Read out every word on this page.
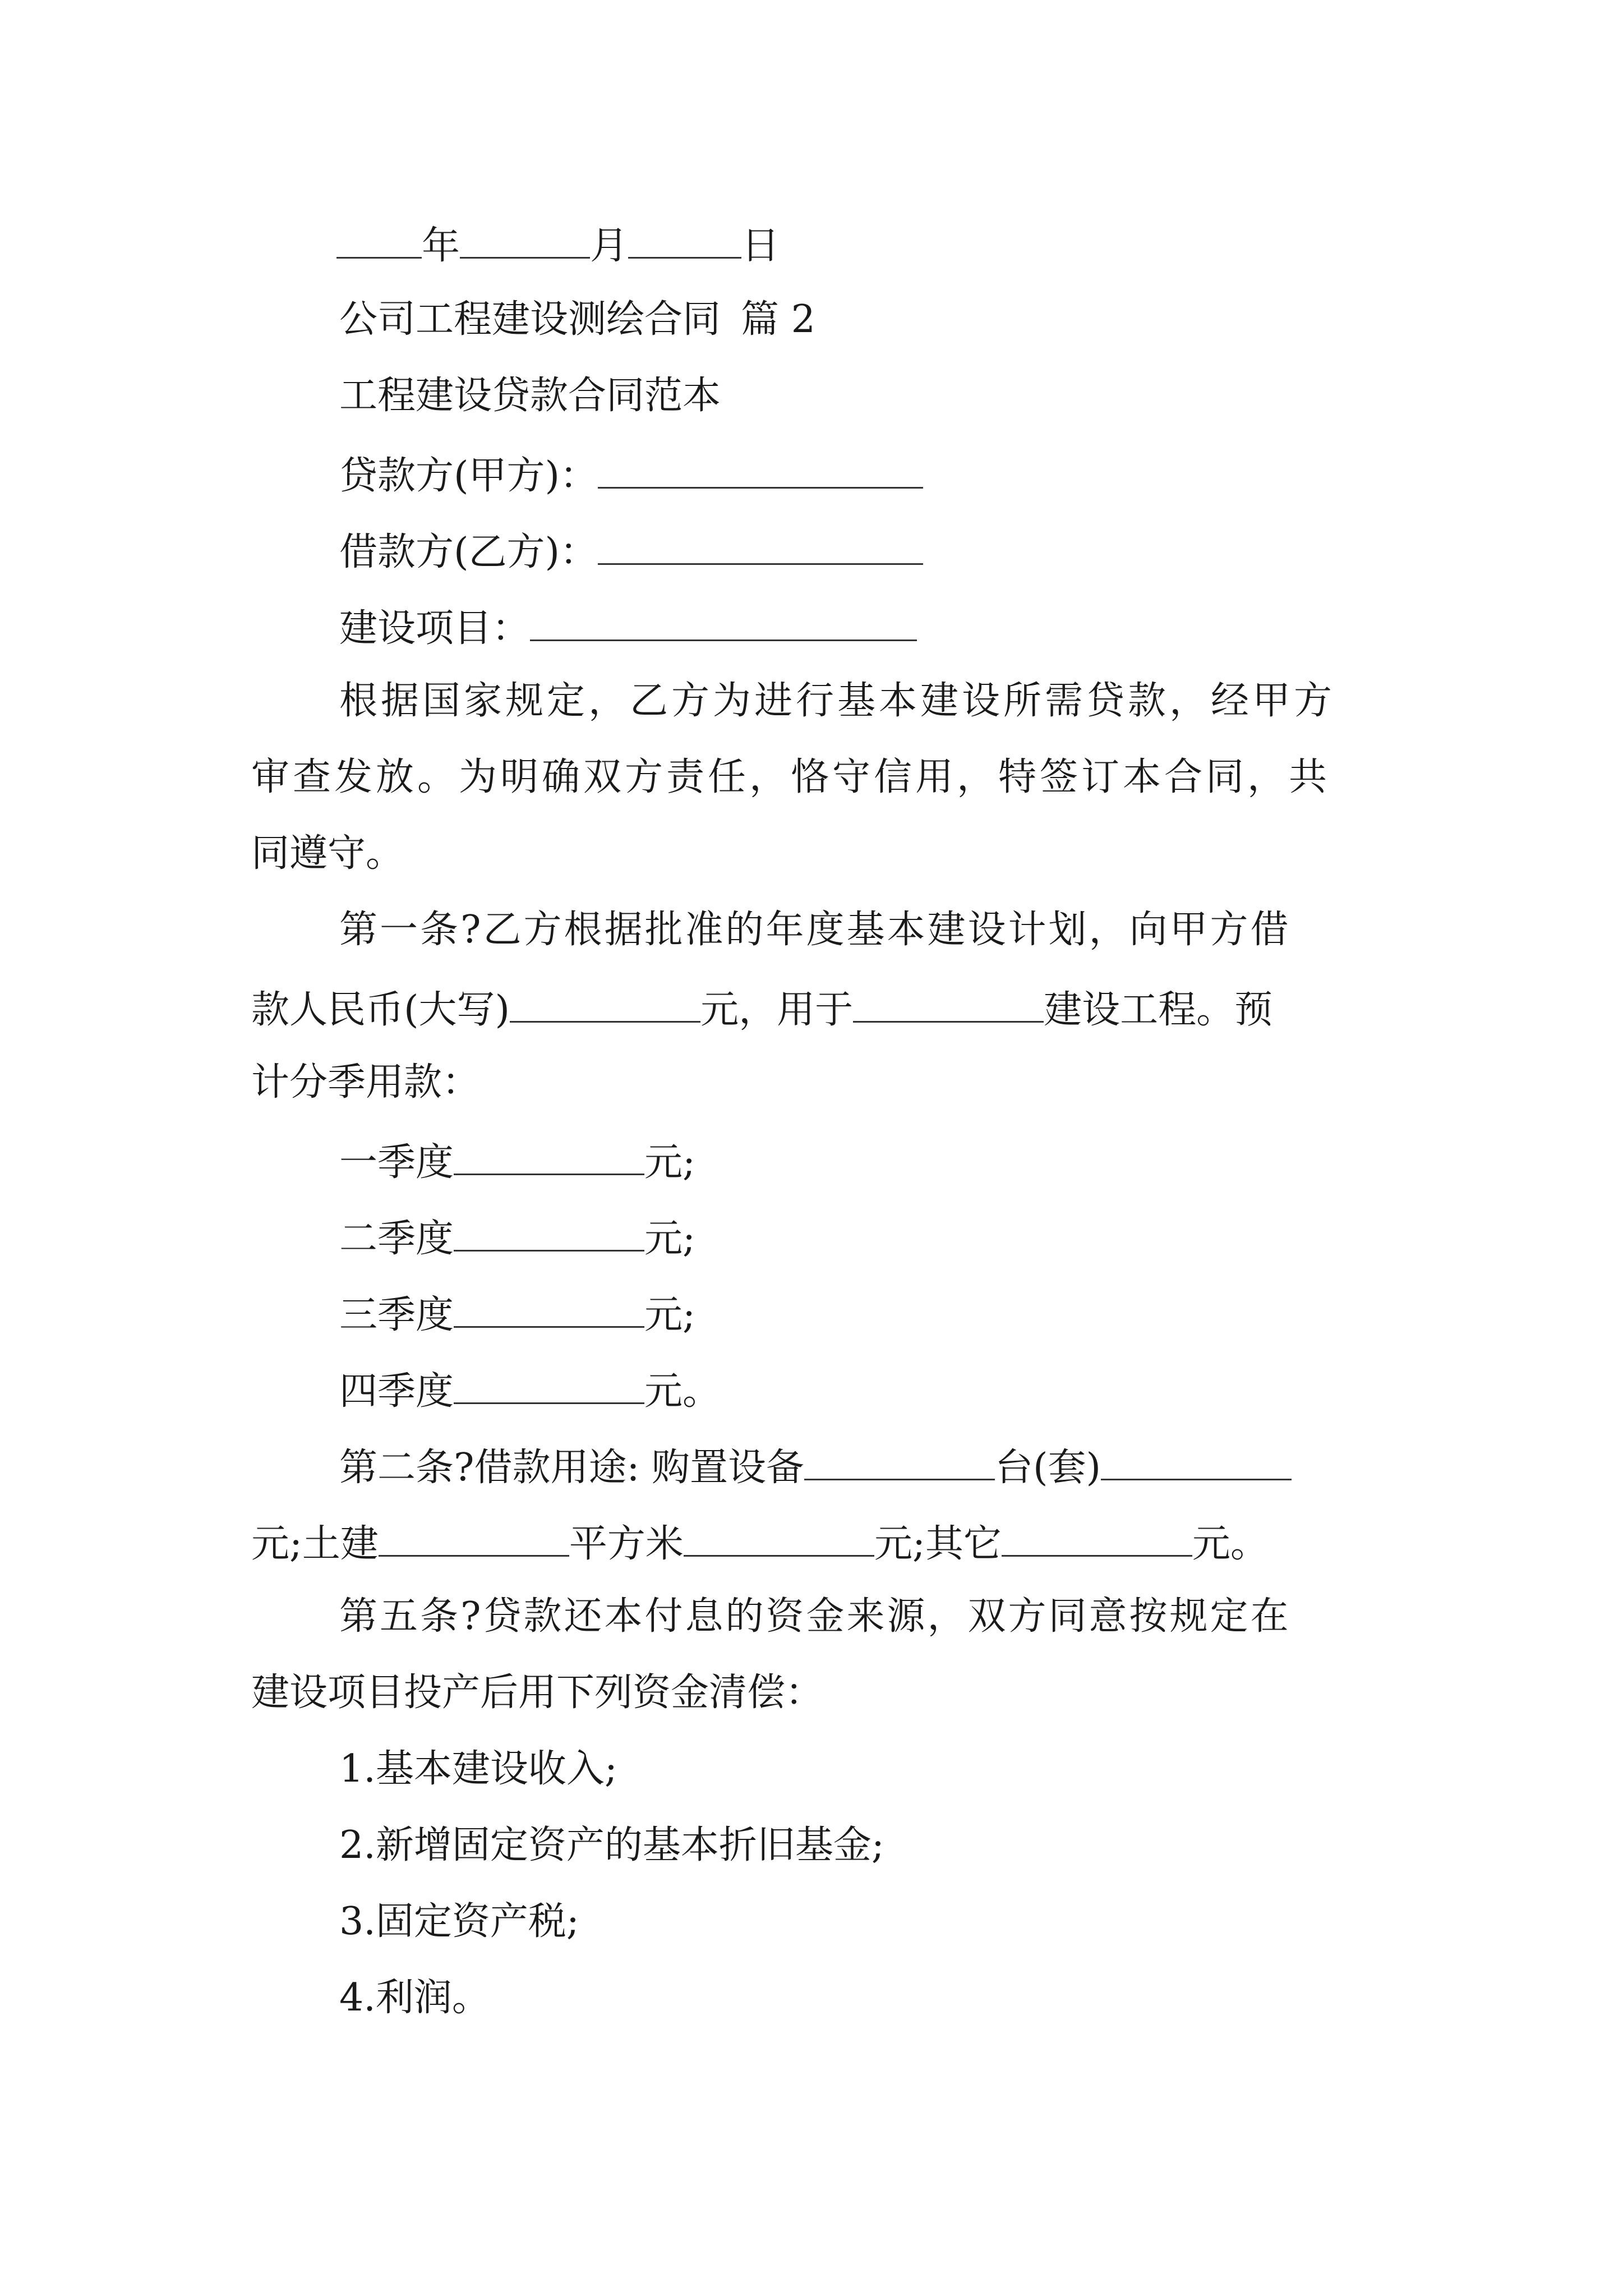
年	月	日
公司工程建设测绘合同 篇 2
工程建设贷款合同范本
贷款方(甲方)：
借款方(乙方)：
建设项目：
根据国家规定，乙方为进行基本建设所需贷款，经甲方
审查发放。为明确双方责任，恪守信用，特签订本合同，共
同遵守。
第一条?乙方根据批准的年度基本建设计划，向甲方借
款人民币(大写)	元，用于	建设工程。预
计分季用款：
一季度	元;
二季度	元;
三季度	元;
四季度	元。
第二条?借款用途: 购置设备	台(套)
元;土建	平方米	元;其它	元。
第五条?贷款还本付息的资金来源，双方同意按规定在
建设项目投产后用下列资金清偿：
1.基本建设收入;
2.新增固定资产的基本折旧基金;
3.固定资产税;
4.利润。
